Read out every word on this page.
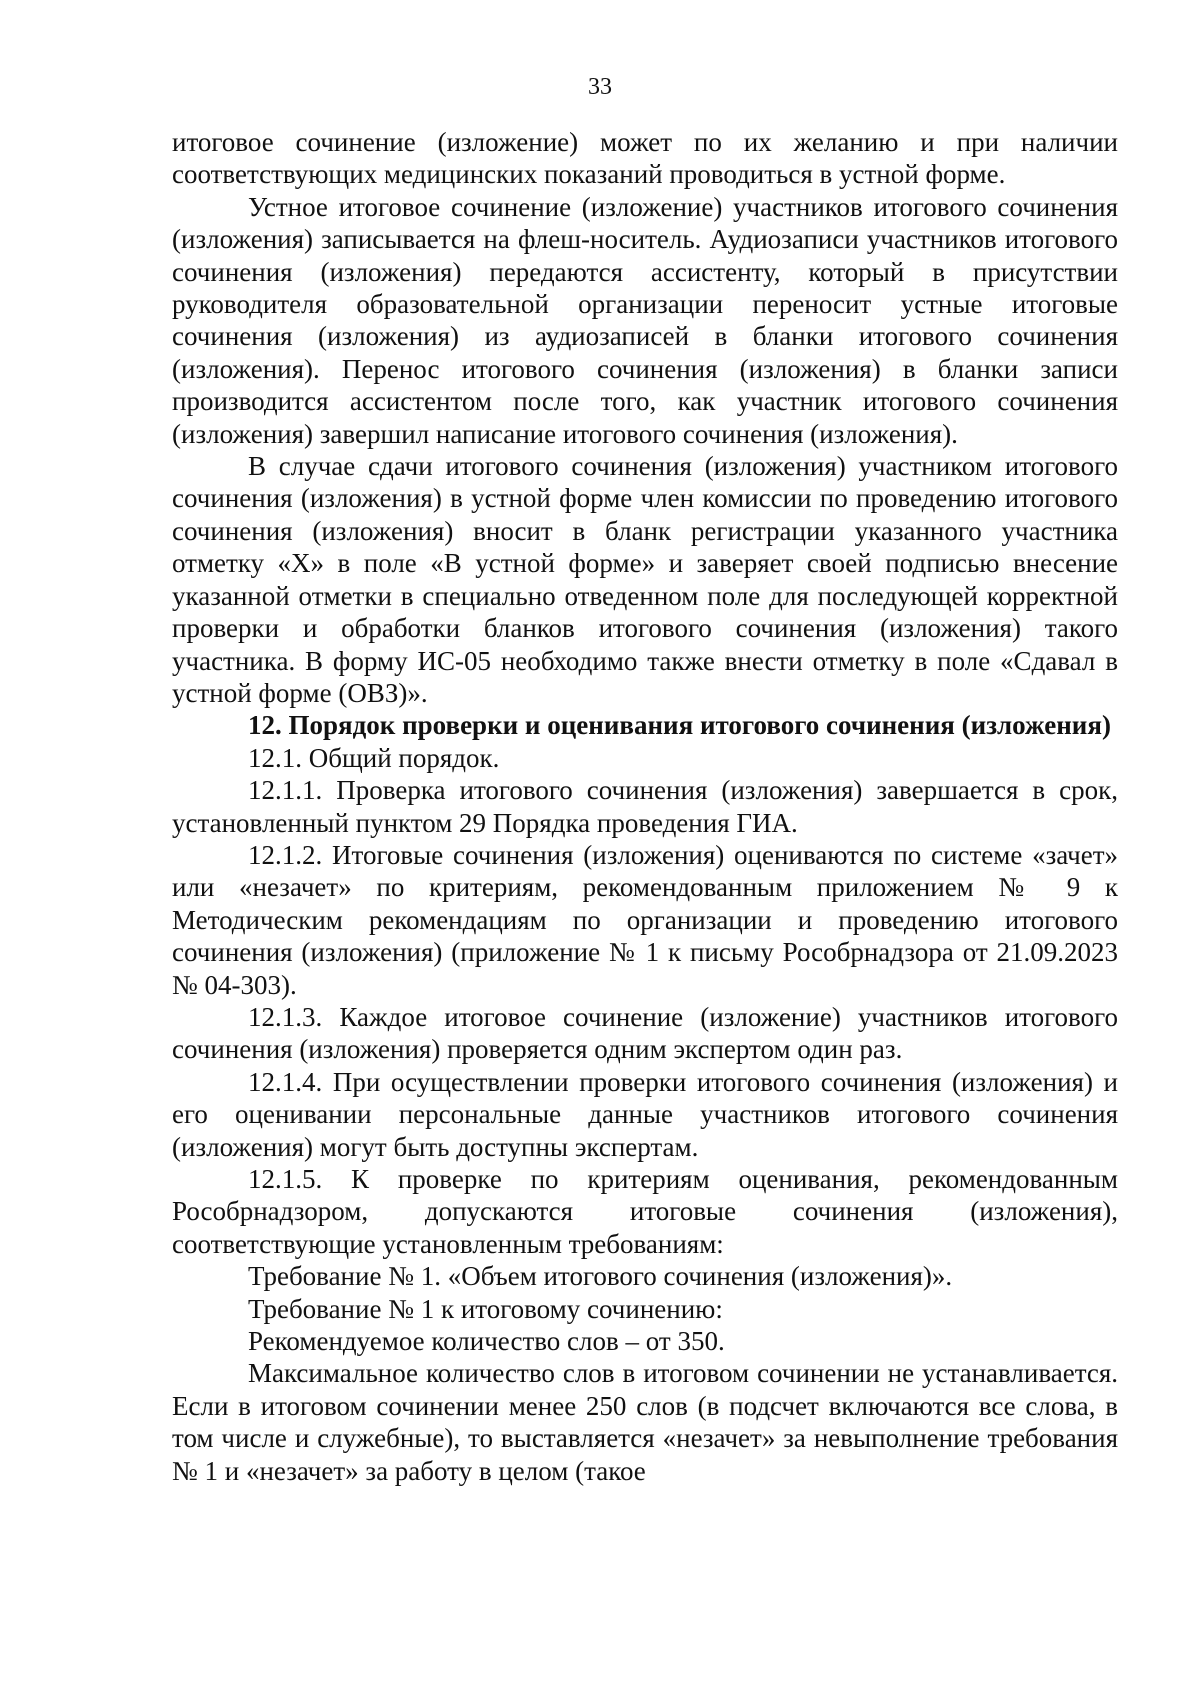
33

итоговое сочинение (изложение) может по их желанию и при наличии соответствующих медицинских показаний проводиться в устной форме.

Устное итоговое сочинение (изложение) участников итогового сочинения (изложения) записывается на флеш-носитель. Аудиозаписи участников итогового сочинения (изложения) передаются ассистенту, который в присутствии руководителя образовательной организации переносит устные итоговые сочинения (изложения) из аудиозаписей в бланки итогового сочинения (изложения). Перенос итогового сочинения (изложения) в бланки записи производится ассистентом после того, как участник итогового сочинения (изложения) завершил написание итогового сочинения (изложения).

В случае сдачи итогового сочинения (изложения) участником итогового сочинения (изложения) в устной форме член комиссии по проведению итогового сочинения (изложения) вносит в бланк регистрации указанного участника отметку «X» в поле «В устной форме» и заверяет своей подписью внесение указанной отметки в специально отведенном поле для последующей корректной проверки и обработки бланков итогового сочинения (изложения) такого участника. В форму ИС-05 необходимо также внести отметку в поле «Сдавал в устной форме (ОВЗ)».

12. Порядок проверки и оценивания итогового сочинения (изложения)

12.1. Общий порядок.

12.1.1. Проверка итогового сочинения (изложения) завершается в срок, установленный пунктом 29 Порядка проведения ГИА.

12.1.2. Итоговые сочинения (изложения) оцениваются по системе «зачет» или «незачет» по критериям, рекомендованным приложением № 9 к Методическим рекомендациям по организации и проведению итогового сочинения (изложения) (приложение № 1 к письму Рособрнадзора от 21.09.2023 № 04-303).

12.1.3. Каждое итоговое сочинение (изложение) участников итогового сочинения (изложения) проверяется одним экспертом один раз.

12.1.4. При осуществлении проверки итогового сочинения (изложения) и его оценивании персональные данные участников итогового сочинения (изложения) могут быть доступны экспертам.

12.1.5. К проверке по критериям оценивания, рекомендованным Рособрнадзором, допускаются итоговые сочинения (изложения), соответствующие установленным требованиям:

Требование № 1. «Объем итогового сочинения (изложения)».

Требование № 1 к итоговому сочинению:

Рекомендуемое количество слов – от 350.

Максимальное количество слов в итоговом сочинении не устанавливается. Если в итоговом сочинении менее 250 слов (в подсчет включаются все слова, в том числе и служебные), то выставляется «незачет» за невыполнение требования № 1 и «незачет» за работу в целом (такое
